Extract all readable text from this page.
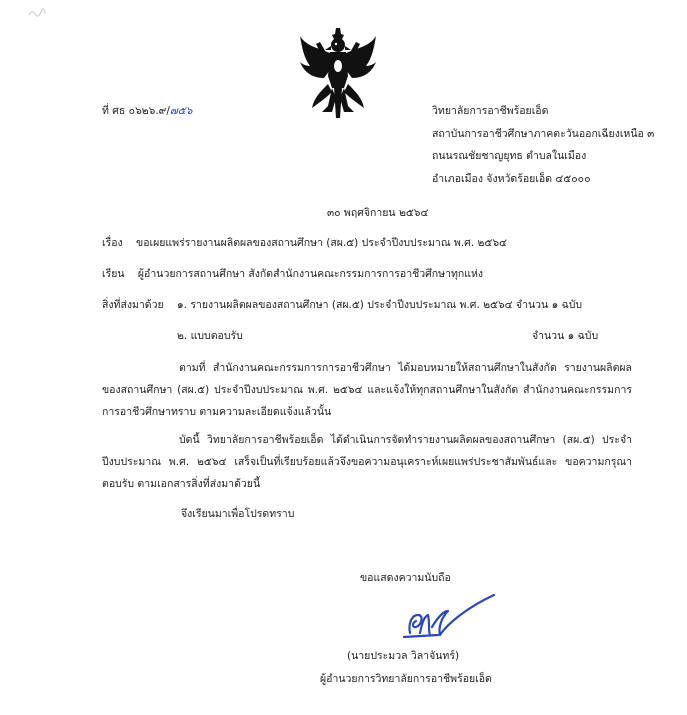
ที่ ศธ ๐๖๒๖.๙/๗๕๖	วิทยาลัยการอาชีพร้อยเอ็ด
สถาบันการอาชีวศึกษาภาคตะวันออกเฉียงเหนือ ๓
ถนนรณชัยชาญยุทธ ตำบลในเมือง
อำเภอเมือง จังหวัดร้อยเอ็ด ๔๕๐๐๐
๓๐ พฤศจิกายน ๒๕๖๔
เรื่อง ขอเผยแพร่รายงานผลิตผลของสถานศึกษา (สผ.๕) ประจำปีงบประมาณ พ.ศ. ๒๕๖๔
เรียน ผู้อำนวยการสถานศึกษา สังกัดสำนักงานคณะกรรมการการอาชีวศึกษาทุกแห่ง
สิ่งที่ส่งมาด้วย ๑. รายงานผลิตผลของสถานศึกษา (สผ.๕) ประจำปีงบประมาณ พ.ศ. ๒๕๖๔ จำนวน ๑ ฉบับ
๒. แบบตอบรับ	จำนวน ๑ ฉบับ
ตามที่ สำนักงานคณะกรรมการการอาชีวศึกษา ได้มอบหมายให้สถานศึกษาในสังกัด รายงานผลิตผลของสถานศึกษา (สผ.๕) ประจำปีงบประมาณ พ.ศ. ๒๕๖๔ และแจ้งให้ทุกสถานศึกษาในสังกัด สำนักงานคณะกรรมการการอาชีวศึกษาทราบ ตามความละเอียดแจ้งแล้วนั้น
บัดนี้ วิทยาลัยการอาชีพร้อยเอ็ด ได้ดำเนินการจัดทำรายงานผลิตผลของสถานศึกษา (สผ.๕) ประจำปีงบประมาณ พ.ศ. ๒๕๖๔ เสร็จเป็นที่เรียบร้อยแล้วจึงขอความอนุเคราะห์เผยแพร่ประชาสัมพันธ์และ ขอความกรุณาตอบรับ ตามเอกสารสิ่งที่ส่งมาด้วยนี้
จึงเรียนมาเพื่อโปรดทราบ
ขอแสดงความนับถือ
(นายประมวล วิลาจันทร์)
ผู้อำนวยการวิทยาลัยการอาชีพร้อยเอ็ด
